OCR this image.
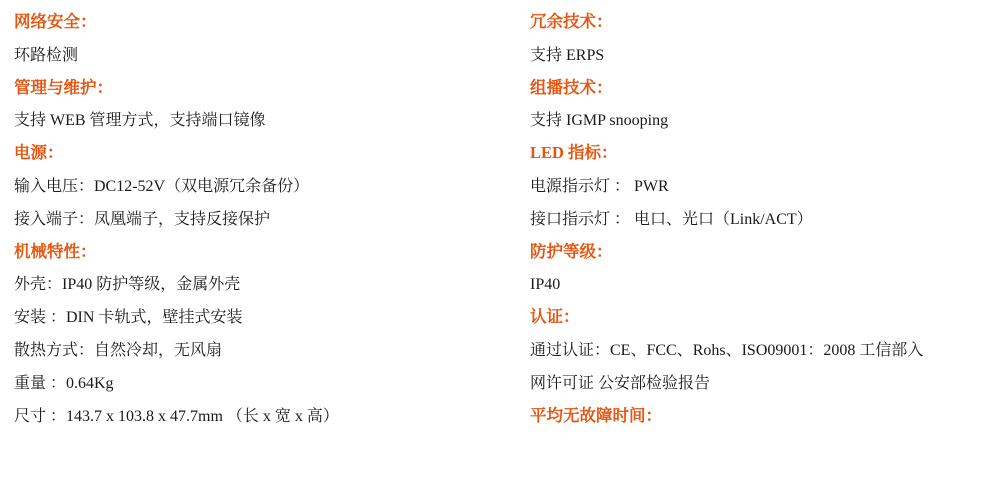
网络安全：
环路检测
管理与维护：
支持 WEB 管理方式，支持端口镜像
电源：
输入电压：DC12-52V（双电源冗余备份）
接入端子：凤凰端子，支持反接保护
机械特性：
外壳：IP40 防护等级，金属外壳
安装 ：DIN 卡轨式，壁挂式安装
散热方式：自然冷却，无风扇
重量 ：0.64Kg
尺寸 ：143.7 x 103.8 x 47.7mm （长 x 宽 x 高）
冗余技术：
支持 ERPS
组播技术：
支持 IGMP snooping
LED 指标：
电源指示灯 ： PWR
接口指示灯 ： 电口、光口（Link/ACT）
防护等级：
IP40
认证：
通过认证：CE、FCC、Rohs、ISO09001：2008 工信部入
网许可证 公安部检验报告
平均无故障时间：
